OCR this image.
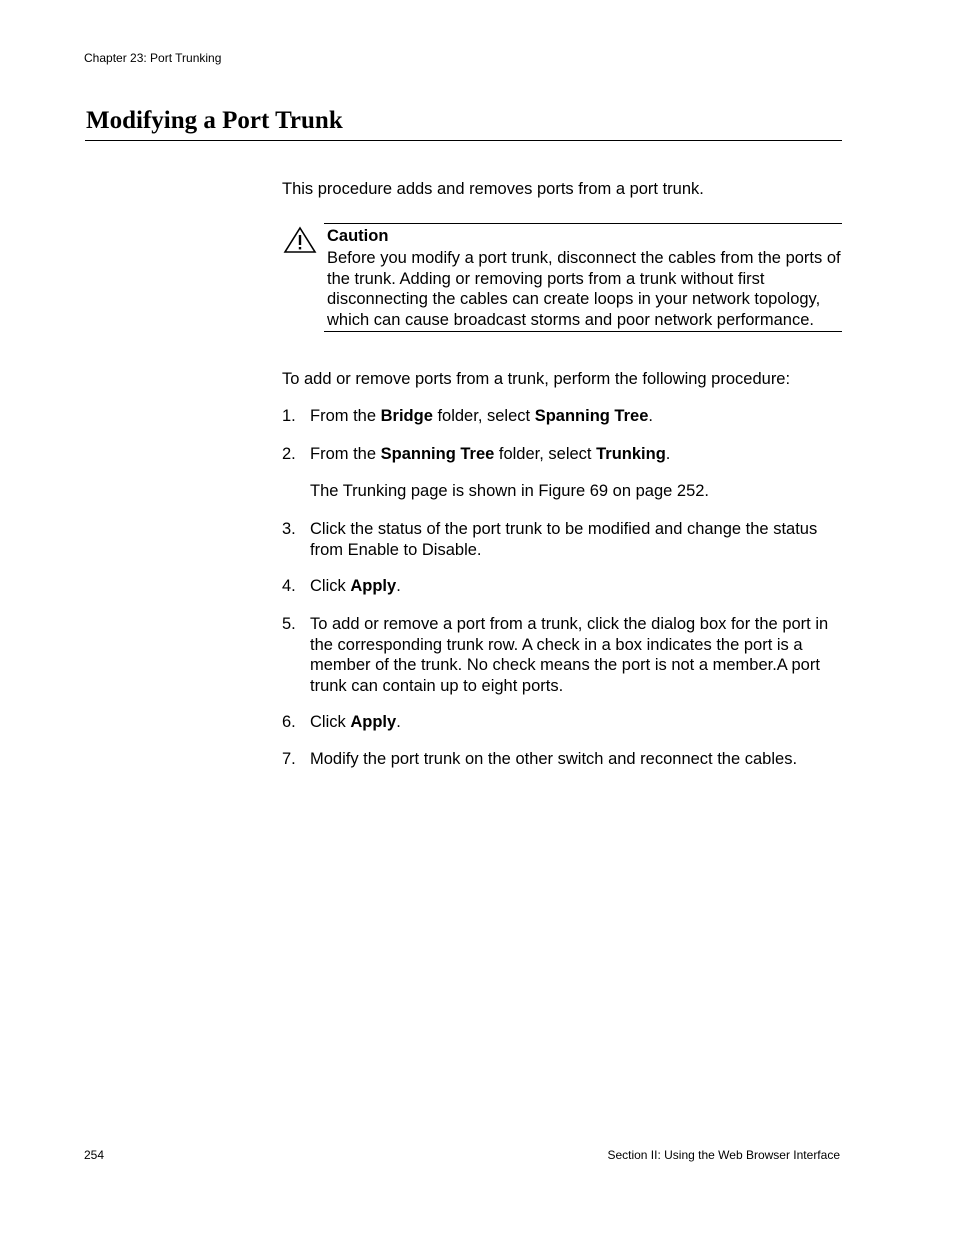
Chapter 23: Port Trunking
Modifying a Port Trunk
This procedure adds and removes ports from a port trunk.
Caution
Before you modify a port trunk, disconnect the cables from the ports of the trunk. Adding or removing ports from a trunk without first disconnecting the cables can create loops in your network topology, which can cause broadcast storms and poor network performance.
To add or remove ports from a trunk, perform the following procedure:
1. From the Bridge folder, select Spanning Tree.
2. From the Spanning Tree folder, select Trunking.
The Trunking page is shown in Figure 69 on page 252.
3. Click the status of the port trunk to be modified and change the status from Enable to Disable.
4. Click Apply.
5. To add or remove a port from a trunk, click the dialog box for the port in the corresponding trunk row. A check in a box indicates the port is a member of the trunk. No check means the port is not a member.A port trunk can contain up to eight ports.
6. Click Apply.
7. Modify the port trunk on the other switch and reconnect the cables.
254	Section II: Using the Web Browser Interface
